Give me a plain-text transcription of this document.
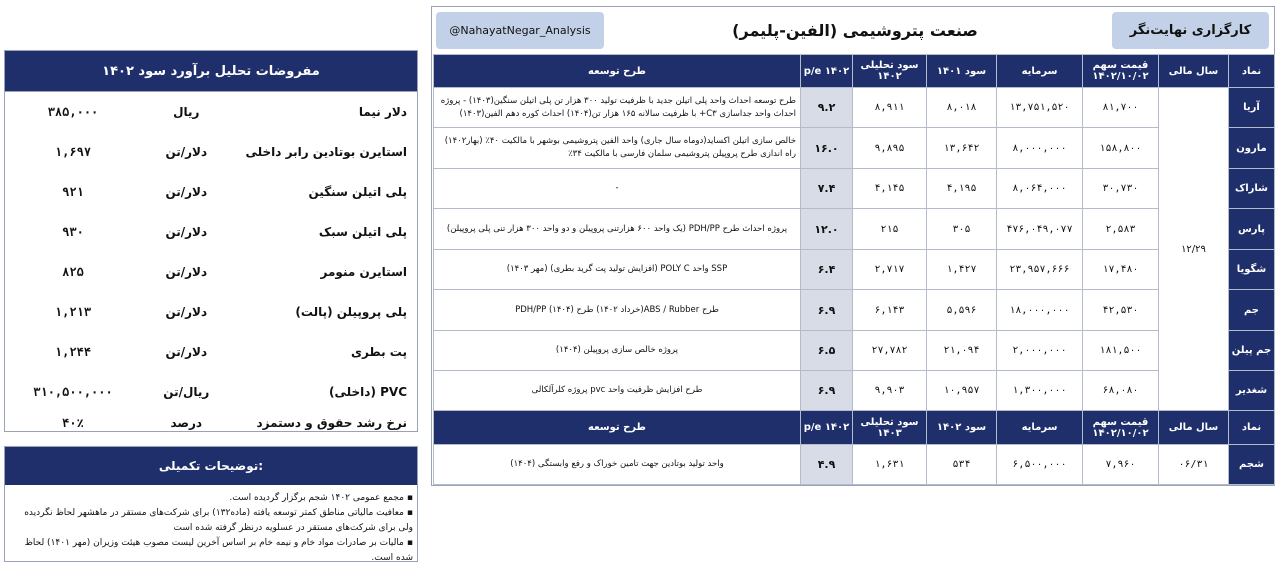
مفروضات تحلیل برآورد سود ۱۴۰۲
دلار نیما	ریال	۳۸۵,۰۰۰
استایرن بوتادین رابر داخلی	دلار/تن	۱,۶۹۷
پلی اتیلن سنگین	دلار/تن	۹۲۱
پلی اتیلن سبک	دلار/تن	۹۳۰
استایرن منومر	دلار/تن	۸۲۵
پلی پروپیلن (پالت)	دلار/تن	۱,۲۱۳
پت بطری	دلار/تن	۱,۲۴۴
PVC (داخلی)	ریال/تن	۳۱۰,۵۰۰,۰۰۰
نرخ رشد حقوق و دستمزد	درصد	۴۰٪
توضیحات تکمیلی:
▪ مجمع عمومی ۱۴۰۲ شجم برگزار گردیده است.
▪ معافیت مالیاتی مناطق کمتر توسعه یافته (ماده۱۳۲) برای شرکت‌های مستقر در ماهشهر لحاظ نگردیده ولی برای شرکت‌های مستقر در عسلویه درنظر گرفته شده است
▪ مالیات بر صادرات مواد خام و نیمه خام بر اساس آخرین لیست مصوب هیئت وزیران (مهر ۱۴۰۱) لحاظ شده است.
کارگزاری نهایت‌نگر
@NahayatNegar_Analysis	صنعت پتروشیمی (الفین-پلیمر)
نماد	سال مالی	قیمت سهم ۱۴۰۲/۱۰/۰۲	سرمایه	سود ۱۴۰۱	سود تحلیلی ۱۴۰۲	p/e ۱۴۰۲	طرح توسعه
آریا	۱۲/۲۹	۸۱,۷۰۰	۱۳,۷۵۱,۵۲۰	۸,۰۱۸	۸,۹۱۱	۹.۲	طرح توسعه احداث واحد پلی اتیلن جدید با ظرفیت تولید ۳۰۰ هزار تن پلی اتیلن سنگین(۱۴۰۳) - پروژه احداث واحد جداسازی C۳+ با ظرفیت سالانه ۱۶۵ هزار تن(۱۴۰۴) احداث کوره دهم الفین(۱۴۰۳)
مارون		۱۵۸,۸۰۰	۸,۰۰۰,۰۰۰	۱۳,۶۴۲	۹,۸۹۵	۱۶.۰	خالص سازی اتیلن اکساید(دوماه سال جاری) واحد الفین پتروشیمی بوشهر با مالکیت ۴۰٪ (بهار۱۴۰۲) راه اندازی طرح پروپیلن پتروشیمی سلمان فارسی با مالکیت ۳۴٪
شاراک		۳۰,۷۳۰	۸,۰۶۴,۰۰۰	۴,۱۹۵	۴,۱۴۵	۷.۴	-
پارس		۲,۵۸۳	۴۷۶,۰۴۹,۰۷۷	۳۰۵	۲۱۵	۱۲.۰	پروژه احداث طرح PDH/PP (یک واحد ۶۰۰ هزارتنی پروپیلن و دو واحد ۳۰۰ هزار تنی پلی پروپیلن)
شگویا		۱۷,۴۸۰	۲۳,۹۵۷,۶۶۶	۱,۴۲۷	۲,۷۱۷	۶.۴	SSP واحد POLY C (افزایش تولید پت گرید بطری) (مهر ۱۴۰۳)
جم		۴۲,۵۳۰	۱۸,۰۰۰,۰۰۰	۵,۵۹۶	۶,۱۴۳	۶.۹	طرح ABS / Rubber(خرداد ۱۴۰۲) طرح PDH/PP (۱۴۰۴)
جم پیلن		۱۸۱,۵۰۰	۲,۰۰۰,۰۰۰	۲۱,۰۹۴	۲۷,۷۸۲	۶.۵	پروژه خالص سازی پروپیلن (۱۴۰۴)
شغدیر		۶۸,۰۸۰	۱,۳۰۰,۰۰۰	۱۰,۹۵۷	۹,۹۰۳	۶.۹	طرح افزایش ظرفیت واحد pvc پروژه کلرآلکالی
نماد	سال مالی	قیمت سهم ۱۴۰۲/۱۰/۰۲	سرمایه	سود ۱۴۰۲	سود تحلیلی ۱۴۰۳	p/e ۱۴۰۲	طرح توسعه
شجم	۰۶/۳۱	۷,۹۶۰	۶,۵۰۰,۰۰۰	۵۳۴	۱,۶۳۱	۴.۹	واحد تولید بوتادین جهت تامین خوراک و رفع وابستگی (۱۴۰۴)
